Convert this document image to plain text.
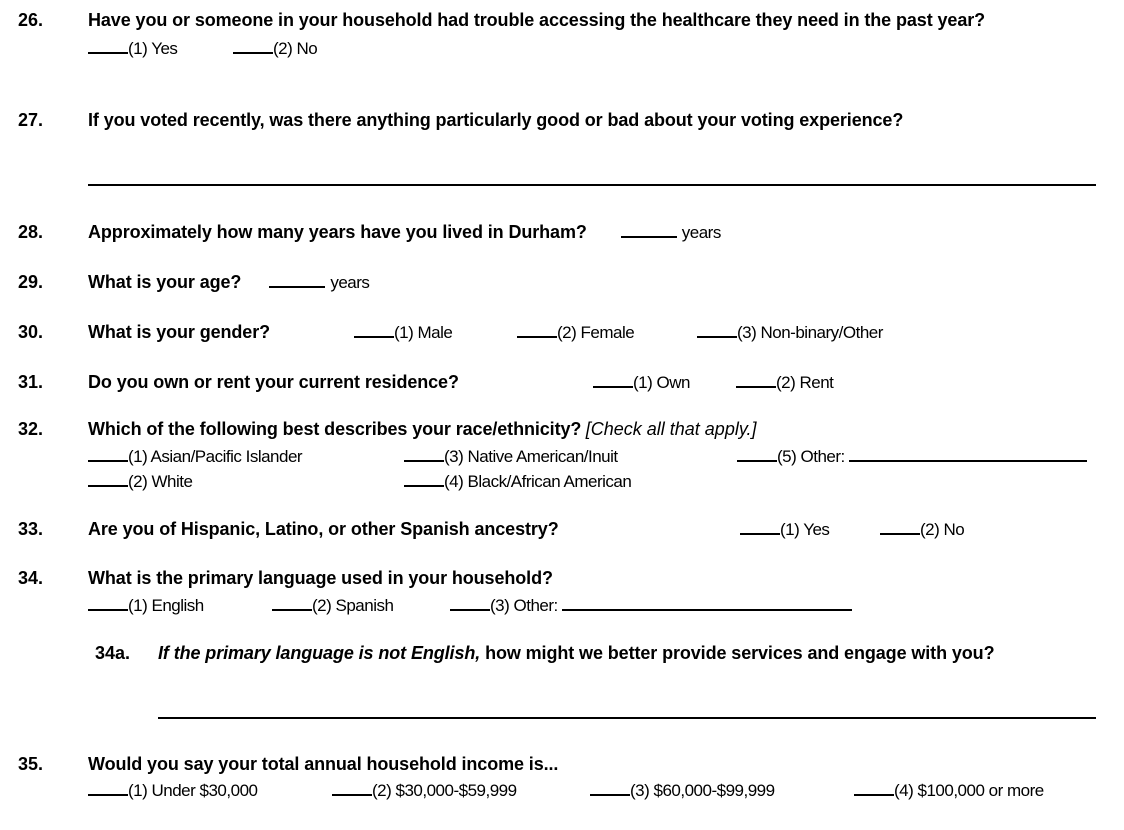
26.	Have you or someone in your household had trouble accessing the healthcare they need in the past year?
(1) Yes	(2) No
27.	If you voted recently, was there anything particularly good or bad about your voting experience?
28.	Approximately how many years have you lived in Durham?	years
29.	What is your age?	years
30.	What is your gender?	(1) Male	(2) Female	(3) Non-binary/Other
31.	Do you own or rent your current residence?	(1) Own	(2) Rent
32.	Which of the following best describes your race/ethnicity? [Check all that apply.]
(1) Asian/Pacific Islander	(3) Native American/Inuit	(5) Other:
(2) White	(4) Black/African American
33.	Are you of Hispanic, Latino, or other Spanish ancestry?	(1) Yes	(2) No
34.	What is the primary language used in your household?
(1) English	(2) Spanish	(3) Other:
34a.	If the primary language is not English, how might we better provide services and engage with you?
35.	Would you say your total annual household income is...
(1) Under $30,000	(2) $30,000-$59,999	(3) $60,000-$99,999	(4) $100,000 or more
